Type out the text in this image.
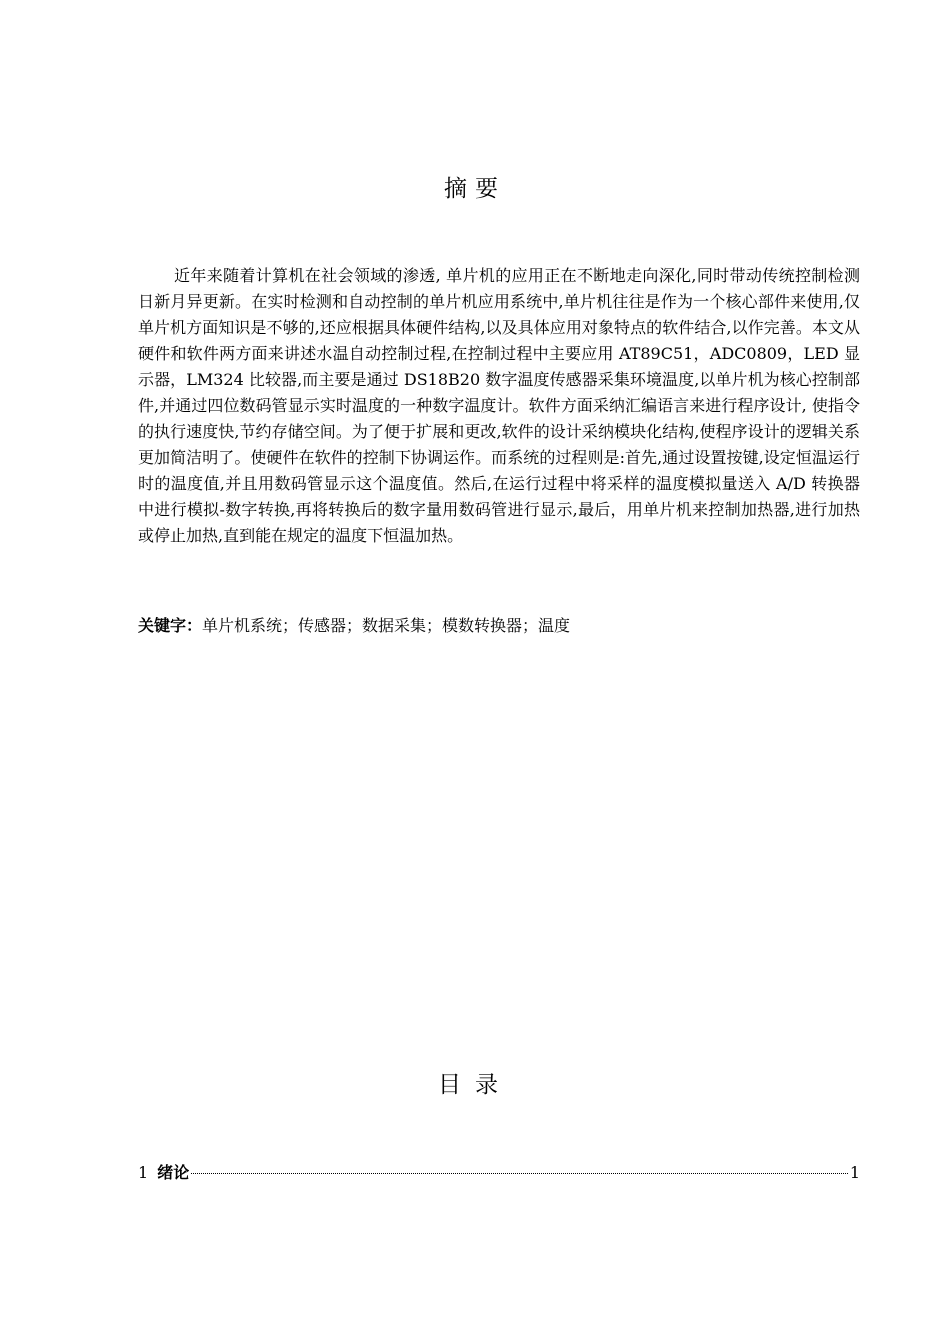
摘要

近年来随着计算机在社会领域的渗透, 单片机的应用正在不断地走向深化,同时带动传统控制检测日新月异更新。在实时检测和自动控制的单片机应用系统中,单片机往往是作为一个核心部件来使用,仅单片机方面知识是不够的,还应根据具体硬件结构,以及具体应用对象特点的软件结合,以作完善。本文从硬件和软件两方面来讲述水温自动控制过程,在控制过程中主要应用 AT89C51，ADC0809，LED 显示器，LM324 比较器,而主要是通过 DS18B20 数字温度传感器采集环境温度,以单片机为核心控制部件,并通过四位数码管显示实时温度的一种数字温度计。软件方面采纳汇编语言来进行程序设计, 使指令的执行速度快,节约存储空间。为了便于扩展和更改,软件的设计采纳模块化结构,使程序设计的逻辑关系更加简洁明了。使硬件在软件的控制下协调运作。而系统的过程则是:首先,通过设置按键,设定恒温运行时的温度值,并且用数码管显示这个温度值。然后,在运行过程中将采样的温度模拟量送入 A/D 转换器中进行模拟-数字转换,再将转换后的数字量用数码管进行显示,最后，用单片机来控制加热器,进行加热或停止加热,直到能在规定的温度下恒温加热。

关键字：单片机系统；传感器；数据采集；模数转换器；温度
目录
1 绪论	1
